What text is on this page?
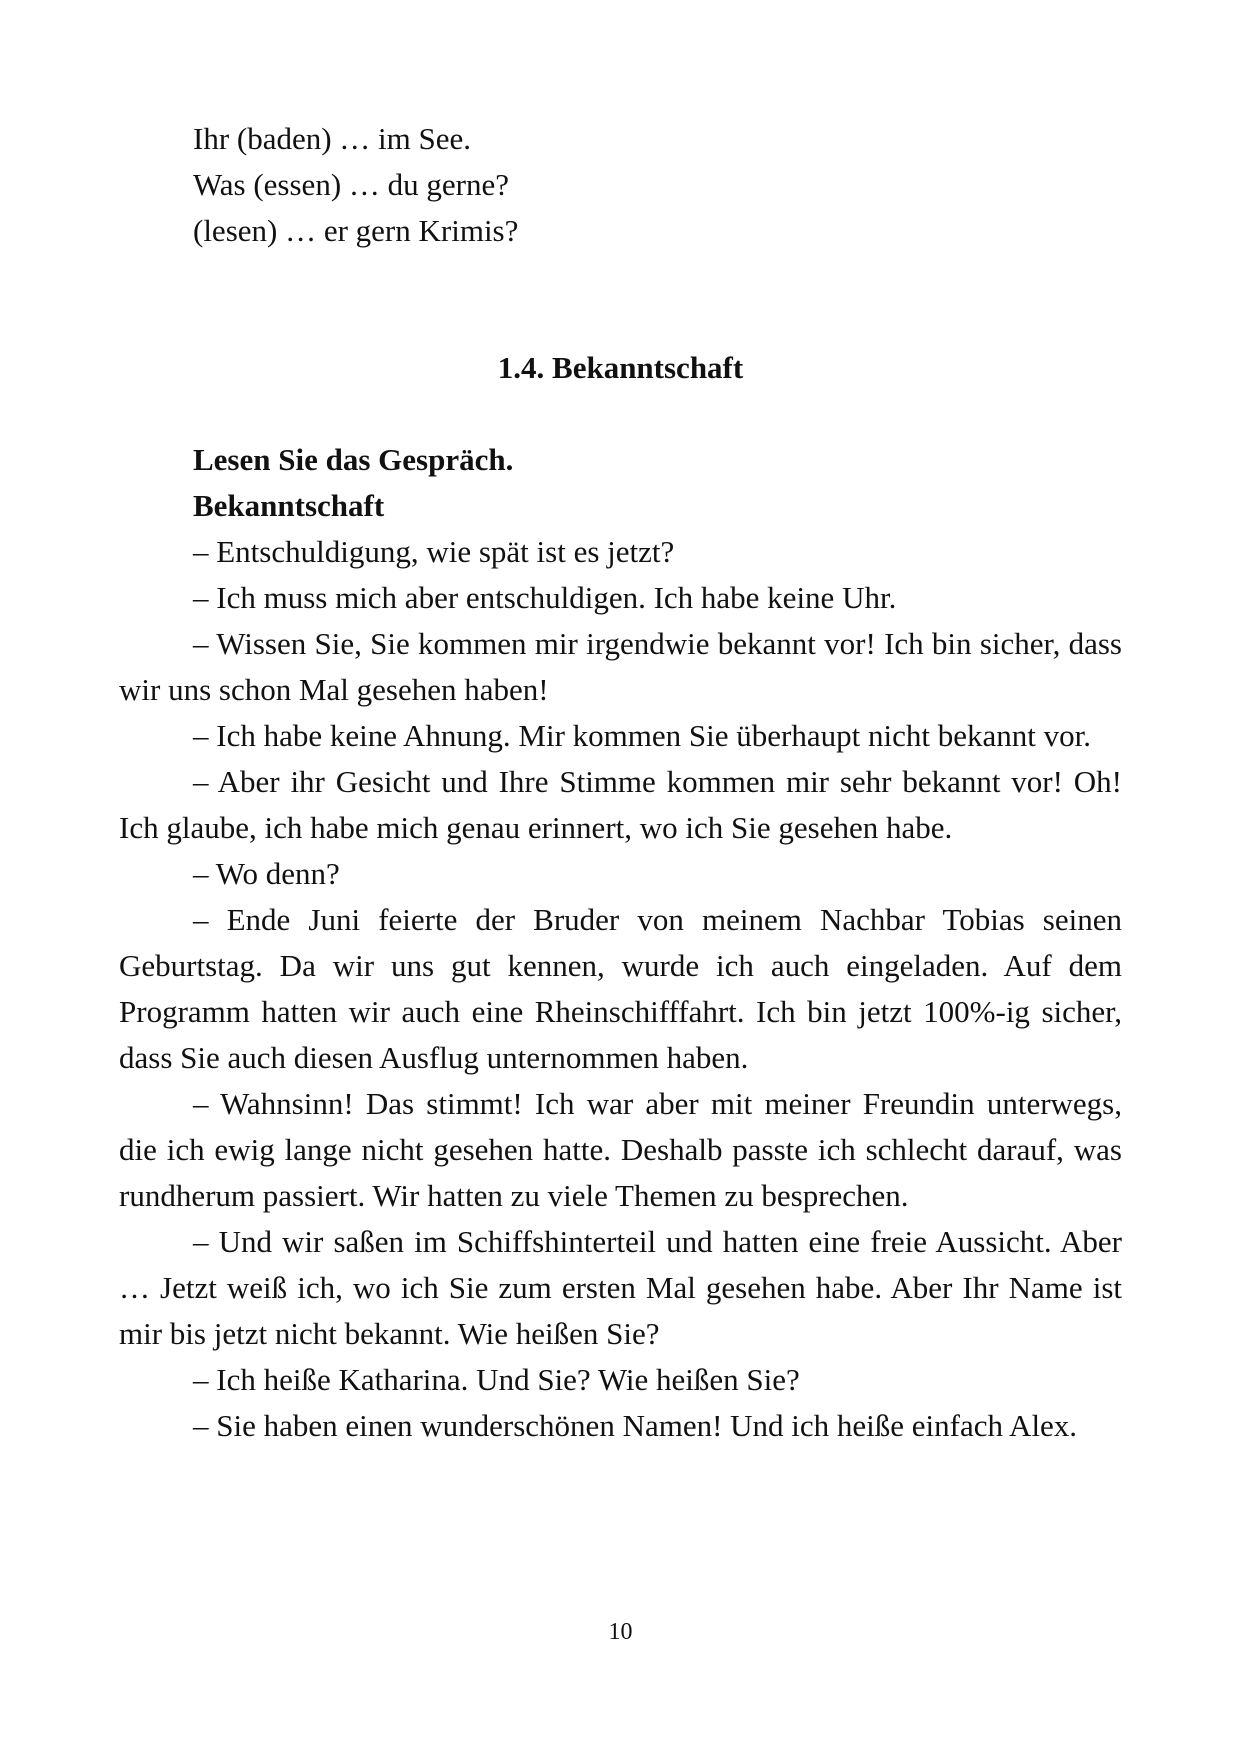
Ihr (baden) … im See.

Was (essen) … du gerne?

(lesen) … er gern Krimis?

1.4. Bekanntschaft

Lesen Sie das Gespräch.

Bekanntschaft

– Entschuldigung, wie spät ist es jetzt?

– Ich muss mich aber entschuldigen. Ich habe keine Uhr.

– Wissen Sie, Sie kommen mir irgendwie bekannt vor! Ich bin sicher, dass wir uns schon Mal gesehen haben!

– Ich habe keine Ahnung. Mir kommen Sie überhaupt nicht bekannt vor.

– Aber ihr Gesicht und Ihre Stimme kommen mir sehr bekannt vor! Oh! Ich glaube, ich habe mich genau erinnert, wo ich Sie gesehen habe.

– Wo denn?

– Ende Juni feierte der Bruder von meinem Nachbar Tobias seinen Geburtstag. Da wir uns gut kennen, wurde ich auch eingeladen. Auf dem Programm hatten wir auch eine Rheinschifffahrt. Ich bin jetzt 100%-ig sicher, dass Sie auch diesen Ausflug unternommen haben.

– Wahnsinn! Das stimmt! Ich war aber mit meiner Freundin unterwegs, die ich ewig lange nicht gesehen hatte. Deshalb passte ich schlecht darauf, was rundherum passiert. Wir hatten zu viele Themen zu besprechen.

– Und wir saßen im Schiffshinterteil und hatten eine freie Aussicht. Aber … Jetzt weiß ich, wo ich Sie zum ersten Mal gesehen habe. Aber Ihr Name ist mir bis jetzt nicht bekannt. Wie heißen Sie?

– Ich heiße Katharina. Und Sie? Wie heißen Sie?

– Sie haben einen wunderschönen Namen! Und ich heiße einfach Alex.

10
